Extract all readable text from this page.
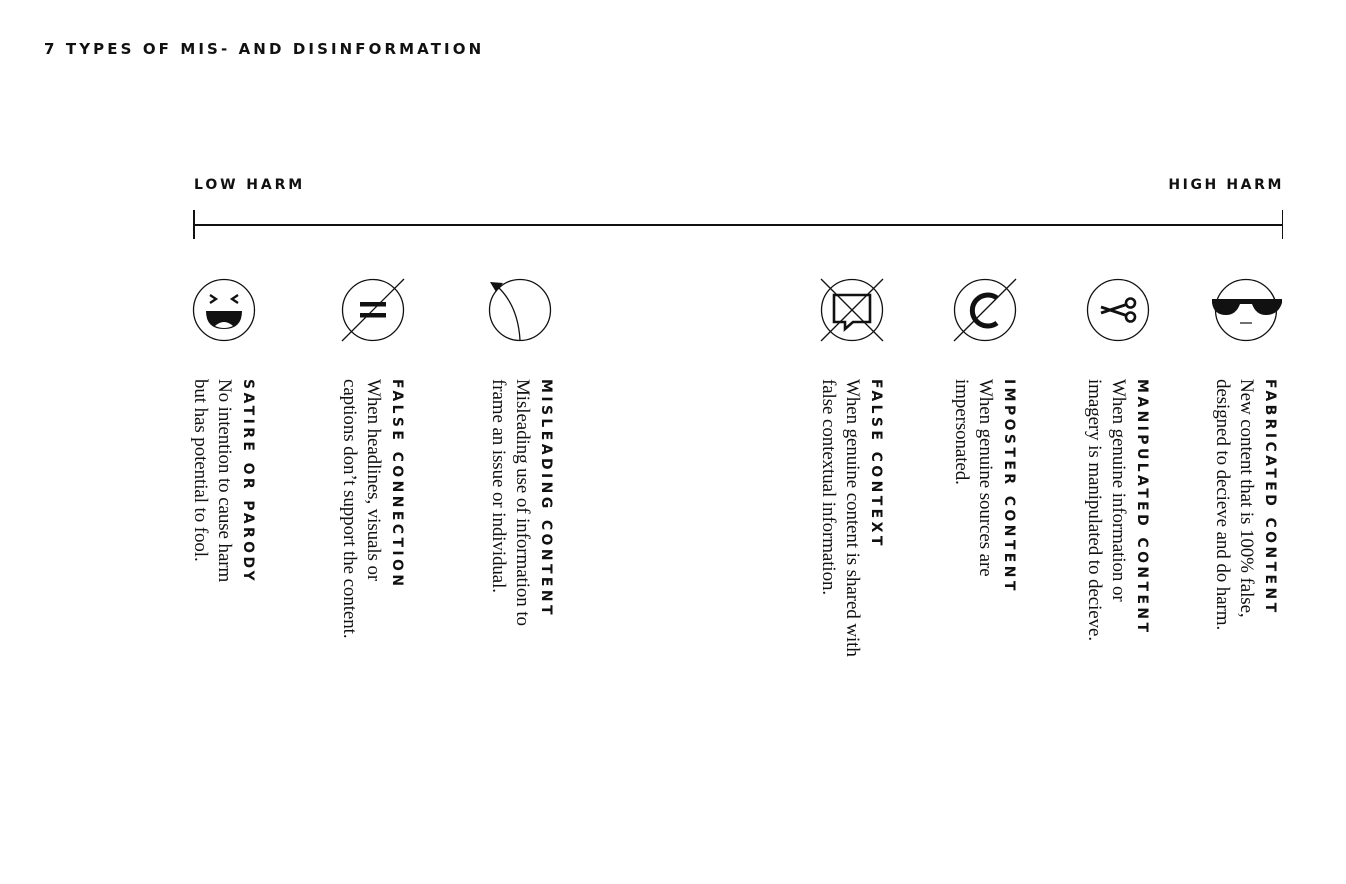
7 TYPES OF MIS- AND DISINFORMATION
LOW HARM	HIGH HARM
SATIRE OR PARODY
No intention to cause harm
but has potential to fool.	FALSE CONNECTION
When headlines, visuals or
captions don’t support the content.	MISLEADING CONTENT
Misleading use of information to
frame an issue or individual.
FALSE CONTEXT
When genuine content is shared with
false contextual information.	IMPOSTER CONTENT
When genuine sources are
impersonated.	MANIPULATED CONTENT
When genuine information or
imagery is manipulated to decieve.	FABRICATED CONTENT
New content that is 100% false,
designed to decieve and do harm.
